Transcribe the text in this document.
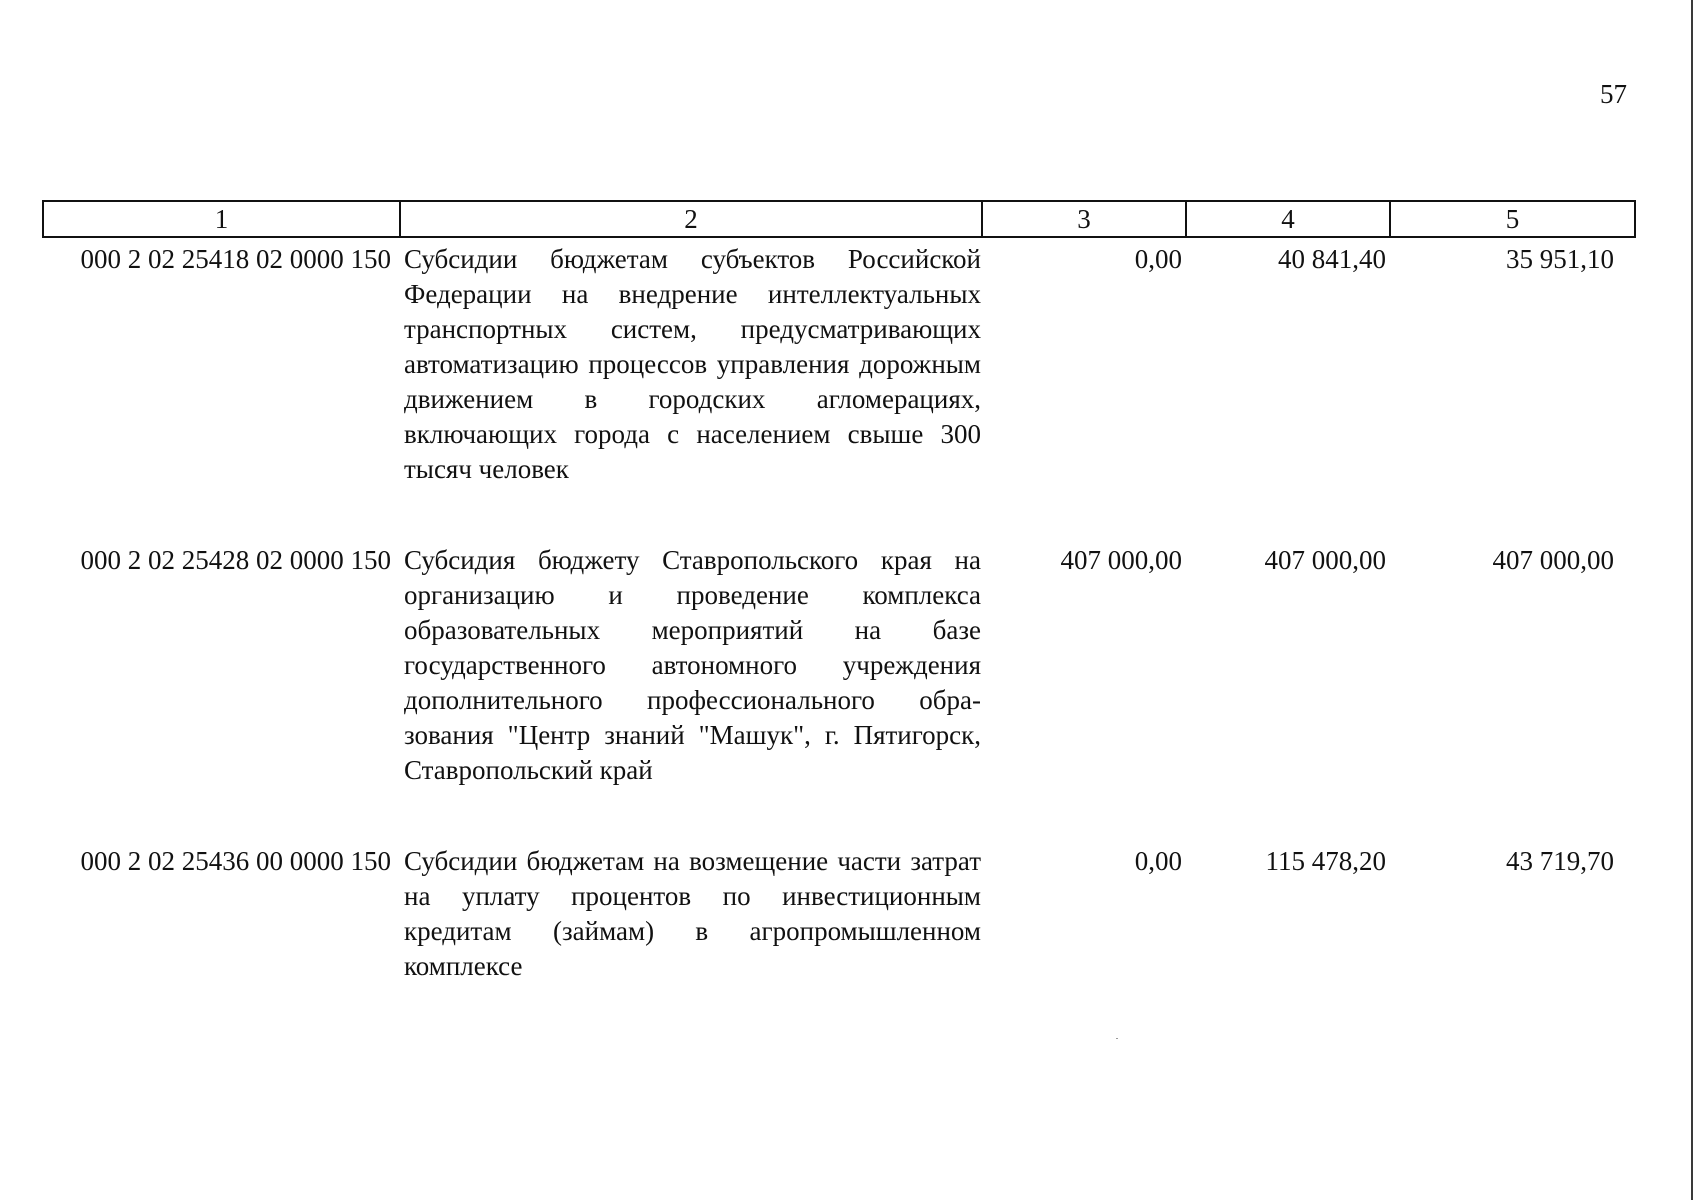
57
1	2	3	4	5
000 2 02 25418 02 0000 150	Субсидии бюджетам субъектов Российской Федерации на внедрение интеллектуальных транспортных систем, предусматривающих автоматизацию процессов управления дорожным движением в городских агломерациях, включающих города с населением свыше 300 тысяч человек	0,00	40 841,40	35 951,10
000 2 02 25428 02 0000 150	Субсидия бюджету Ставропольского края на организацию и проведение комплекса образовательных мероприятий на базе государственного автономного учреждения дополнительного профессионального обра-зования "Центр знаний "Машук", г. Пятигорск, Ставропольский край	407 000,00	407 000,00	407 000,00
000 2 02 25436 00 0000 150	Субсидии бюджетам на возмещение части затрат на уплату процентов по инвестиционным кредитам (займам) в агропромышленном комплексе	0,00	115 478,20	43 719,70
